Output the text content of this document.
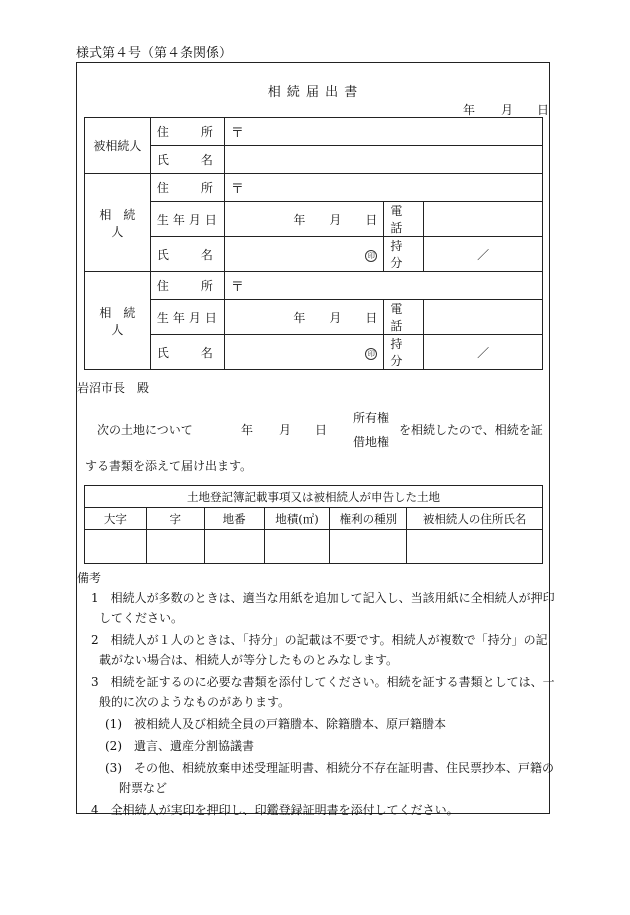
様式第４号（第４条関係）
相 続 届 出 書
年 月 日
被相続人	住 所	〒		

	氏 名			

相　続　人	住 所	〒		

	生 年 月 日	年   月   日	電　話	

	氏 名	印	持　分	／
相　続　人	住 所	〒		

	生 年 月 日	年   月   日	電　話	

	氏 名	印	持　分	／
岩沼市長　殿
次の土地について	年 月 日
所有権
借地権
を相続したので、相続を証
する書類を添えて届け出ます。
土地登記簿記載事項又は被相続人が申告した土地					
大字	字	地番	地積(㎡)	権利の種別	被相続人の住所氏名

備考
1　相続人が多数のときは、適当な用紙を追加して記入し、当該用紙に全相続人が押印
してください。
2　相続人が１人のときは、「持分」の記載は不要です。相続人が複数で「持分」の記
載がない場合は、相続人が等分したものとみなします。
3　相続を証するのに必要な書類を添付してください。相続を証する書類としては、一
般的に次のようなものがあります。
(1)　被相続人及び相続全員の戸籍謄本、除籍謄本、原戸籍謄本
(2)　遺言、遺産分割協議書
(3)　その他、相続放棄申述受理証明書、相続分不存在証明書、住民票抄本、戸籍の
附票など
4　全相続人が実印を押印し、印鑑登録証明書を添付してください。
